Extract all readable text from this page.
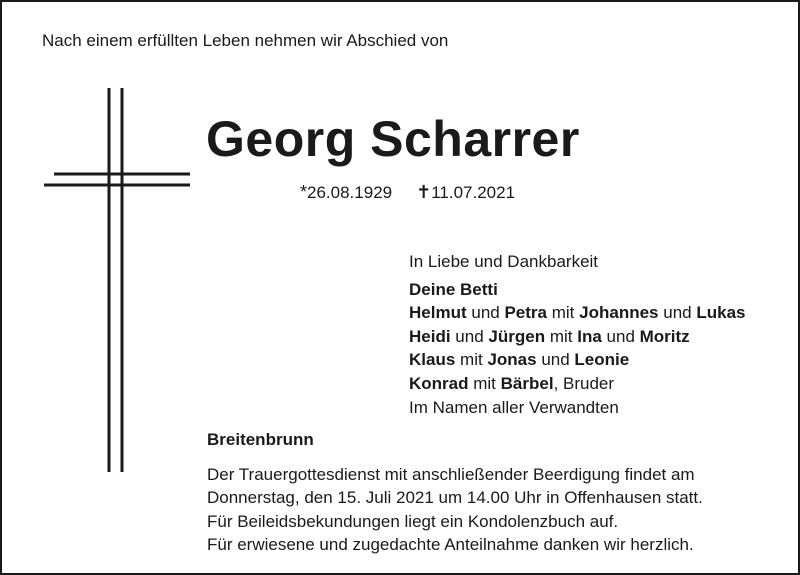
Nach einem erfüllten Leben nehmen wir Abschied von
Georg Scharrer
*26.08.1929 ✝11.07.2021
In Liebe und Dankbarkeit
Deine Betti
Helmut und Petra mit Johannes und Lukas
Heidi und Jürgen mit Ina und Moritz
Klaus mit Jonas und Leonie
Konrad mit Bärbel, Bruder
Im Namen aller Verwandten
Breitenbrunn
Der Trauergottesdienst mit anschließender Beerdigung findet am
Donnerstag, den 15. Juli 2021 um 14.00 Uhr in Offenhausen statt.
Für Beileidsbekundungen liegt ein Kondolenzbuch auf.
Für erwiesene und zugedachte Anteilnahme danken wir herzlich.
